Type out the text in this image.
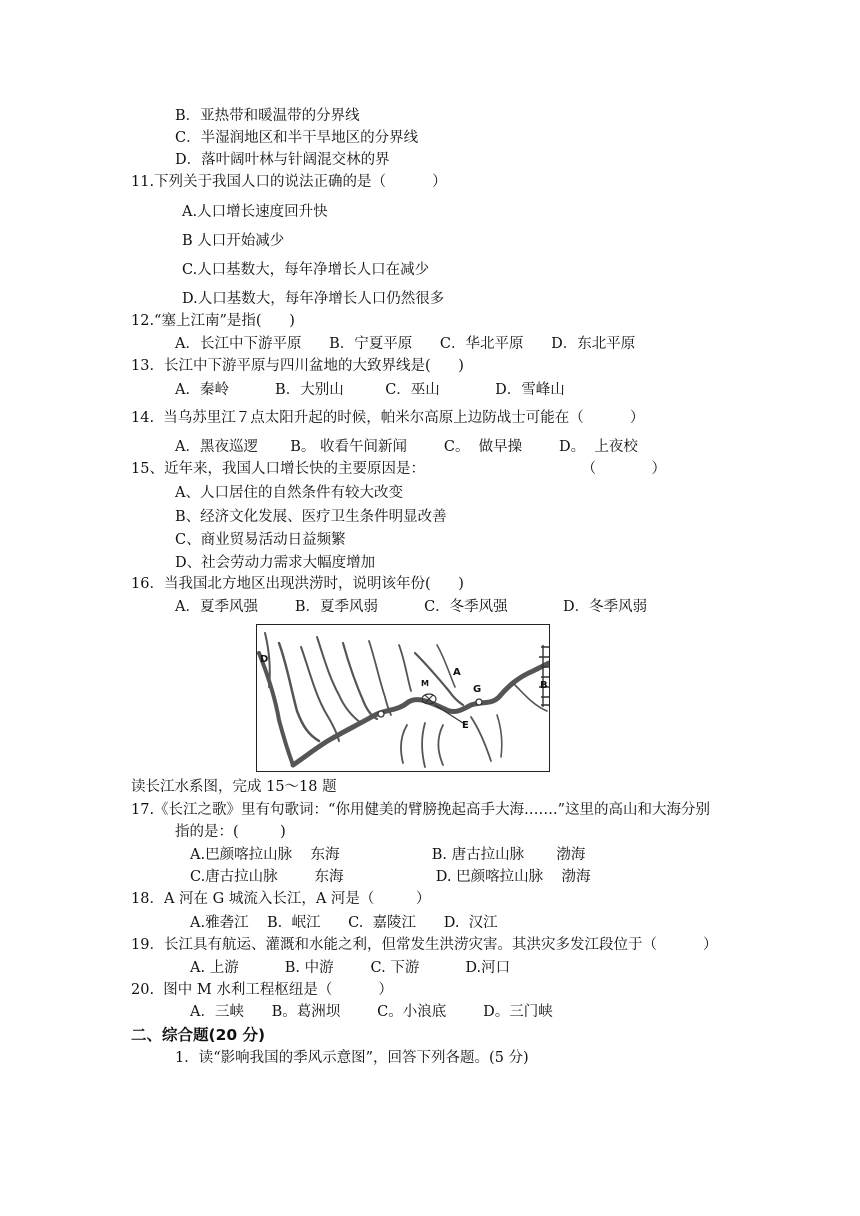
B．亚热带和暖温带的分界线
C．半湿润地区和半干旱地区的分界线
D．落叶阔叶林与针阔混交林的界
11.下列关于我国人口的说法正确的是（          ）
A.人口增长速度回升快
B 人口开始减少
C.人口基数大，每年净增长人口在减少
D.人口基数大，每年净增长人口仍然很多
12.“塞上江南”是指(      )
A．长江中下游平原      B．宁夏平原      C．华北平原      D．东北平原
13．长江中下游平原与四川盆地的大致界线是(      )
A．秦岭          B．大别山         C．巫山            D．雪峰山
14.  当乌苏里江７点太阳升起的时候，帕米尔高原上边防战士可能在（          ）
A．黑夜巡逻       B。 收看午间新闻        C。  做早操        D。  上夜校
15、近年来，我国人口增长快的主要原因是：                                  （            ）
A、人口居住的自然条件有较大改变
B、经济文化发展、医疗卫生条件明显改善
C、商业贸易活动日益频繁
D、社会劳动力需求大幅度增加
16．当我国北方地区出现洪涝时，说明该年份(      )
A．夏季风强        B．夏季风弱          C．冬季风强            D．冬季风弱
D
A
M
G
E
B
读长江水系图，完成 15～18 题
17.《长江之歌》里有句歌词：“你用健美的臂膀挽起高手大海…….”这里的高山和大海分别
指的是：(         )
A.巴颜喀拉山脉    东海                    B. 唐古拉山脉       渤海
C.唐古拉山脉        东海                    D. 巴颜喀拉山脉    渤海
18．A 河在 G 城流入长江，A 河是（         ）
A.雅砻江    B.  岷江      C.  嘉陵江      D.  汉江
19．长江具有航运、灌溉和水能之利，但常发生洪涝灾害。其洪灾多发江段位于（          ）
A. 上游          B. 中游        C. 下游          D.河口
20.  图中 M 水利工程枢纽是（          ）
A．三峡      B。葛洲坝        C。小浪底        D。三门峡
二、综合题(20 分)
1．读“影响我国的季风示意图”，回答下列各题。(5 分)
